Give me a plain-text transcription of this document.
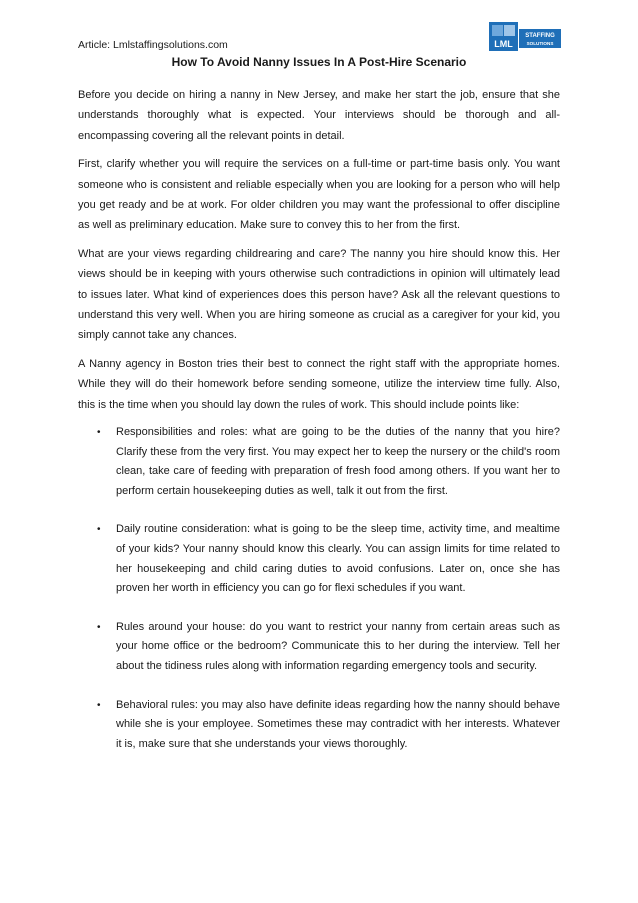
Article: Lmlstaffingsolutions.com	LML
STAFFING
SOLUTIONS
How To Avoid Nanny Issues In A Post-Hire Scenario

Before you decide on hiring a nanny in New Jersey, and make her start the job, ensure that she understands thoroughly what is expected. Your interviews should be thorough and all-encompassing covering all the relevant points in detail.

First, clarify whether you will require the services on a full-time or part-time basis only. You want someone who is consistent and reliable especially when you are looking for a person who will help you get ready and be at work. For older children you may want the professional to offer discipline as well as preliminary education. Make sure to convey this to her from the first.

What are your views regarding childrearing and care? The nanny you hire should know this. Her views should be in keeping with yours otherwise such contradictions in opinion will ultimately lead to issues later. What kind of experiences does this person have? Ask all the relevant questions to understand this very well. When you are hiring someone as crucial as a caregiver for your kid, you simply cannot take any chances.

A Nanny agency in Boston tries their best to connect the right staff with the appropriate homes. While they will do their homework before sending someone, utilize the interview time fully. Also, this is the time when you should lay down the rules of work. This should include points like:

• Responsibilities and roles: what are going to be the duties of the nanny that you hire? Clarify these from the very first. You may expect her to keep the nursery or the child's room clean, take care of feeding with preparation of fresh food among others. If you want her to perform certain housekeeping duties as well, talk it out from the first.
• Daily routine consideration: what is going to be the sleep time, activity time, and mealtime of your kids? Your nanny should know this clearly. You can assign limits for time related to her housekeeping and child caring duties to avoid confusions. Later on, once she has proven her worth in efficiency you can go for flexi schedules if you want.
• Rules around your house: do you want to restrict your nanny from certain areas such as your home office or the bedroom? Communicate this to her during the interview. Tell her about the tidiness rules along with information regarding emergency tools and security.
• Behavioral rules: you may also have definite ideas regarding how the nanny should behave while she is your employee. Sometimes these may contradict with her interests. Whatever it is, make sure that she understands your views thoroughly.
